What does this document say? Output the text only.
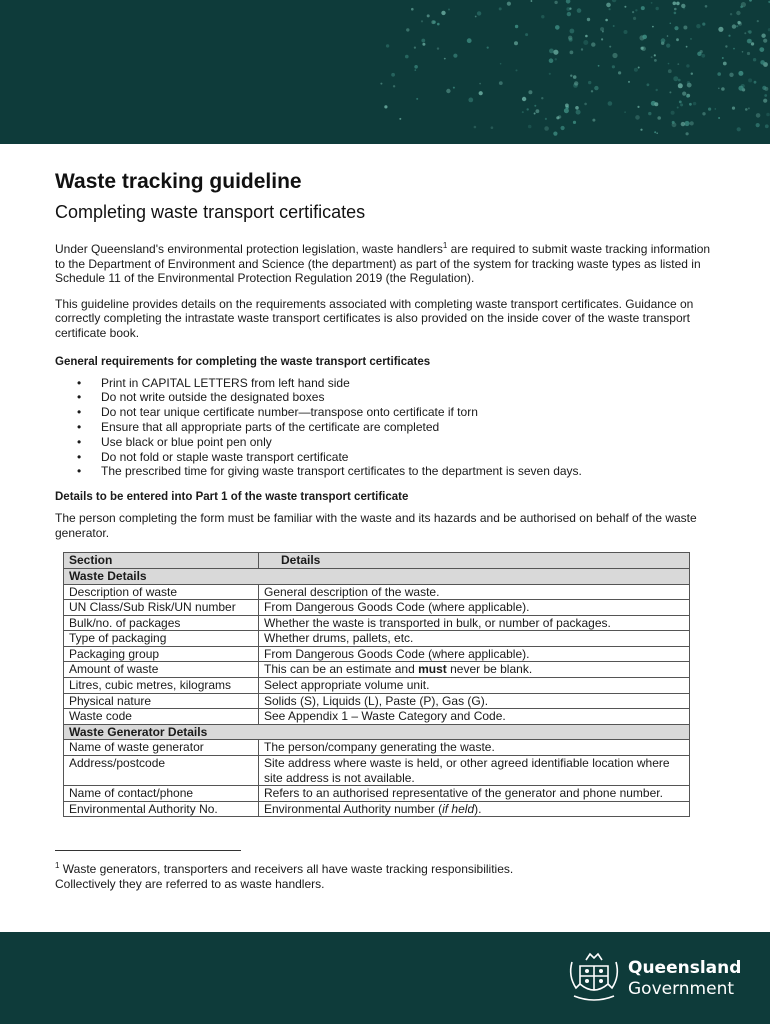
Waste tracking guideline
Completing waste transport certificates

Under Queensland's environmental protection legislation, waste handlers$^1$ are required to submit waste tracking information to the Department of Environment and Science (the department) as part of the system for tracking waste types as listed in Schedule 11 of the Environmental Protection Regulation 2019 (the Regulation).

This guideline provides details on the requirements associated with completing waste transport certificates. Guidance on correctly completing the intrastate waste transport certificates is also provided on the inside cover of the waste transport certificate book.

General requirements for completing the waste transport certificates
• Print in CAPITAL LETTERS from left hand side
• Do not write outside the designated boxes
• Do not tear unique certificate number—transpose onto certificate if torn
• Ensure that all appropriate parts of the certificate are completed
• Use black or blue point pen only
• Do not fold or staple waste transport certificate
• The prescribed time for giving waste transport certificates to the department is seven days.
Details to be entered into Part 1 of the waste transport certificate

The person completing the form must be familiar with the waste and its hazards and be authorised on behalf of the waste generator.

Section	Details
Waste Details	
Description of waste	General description of the waste.
UN Class/Sub Risk/UN number	From Dangerous Goods Code (where applicable).
Bulk/no. of packages	Whether the waste is transported in bulk, or number of packages.
Type of packaging	Whether drums, pallets, etc.
Packaging group	From Dangerous Goods Code (where applicable).
Amount of waste	This can be an estimate and must never be blank.
Litres, cubic metres, kilograms	Select appropriate volume unit.
Physical nature	Solids (S), Liquids (L), Paste (P), Gas (G).
Waste code	See Appendix 1 – Waste Category and Code.
Waste Generator Details	
Name of waste generator	The person/company generating the waste.
Address/postcode	Site address where waste is held, or other agreed identifiable location where site address is not available.
Name of contact/phone	Refers to an authorised representative of the generator and phone number.
Environmental Authority No.	Environmental Authority number (if held).
$^1$ Waste generators, transporters and receivers all have waste tracking responsibilities.
Collectively they are referred to as waste handlers.
Queensland
Government
